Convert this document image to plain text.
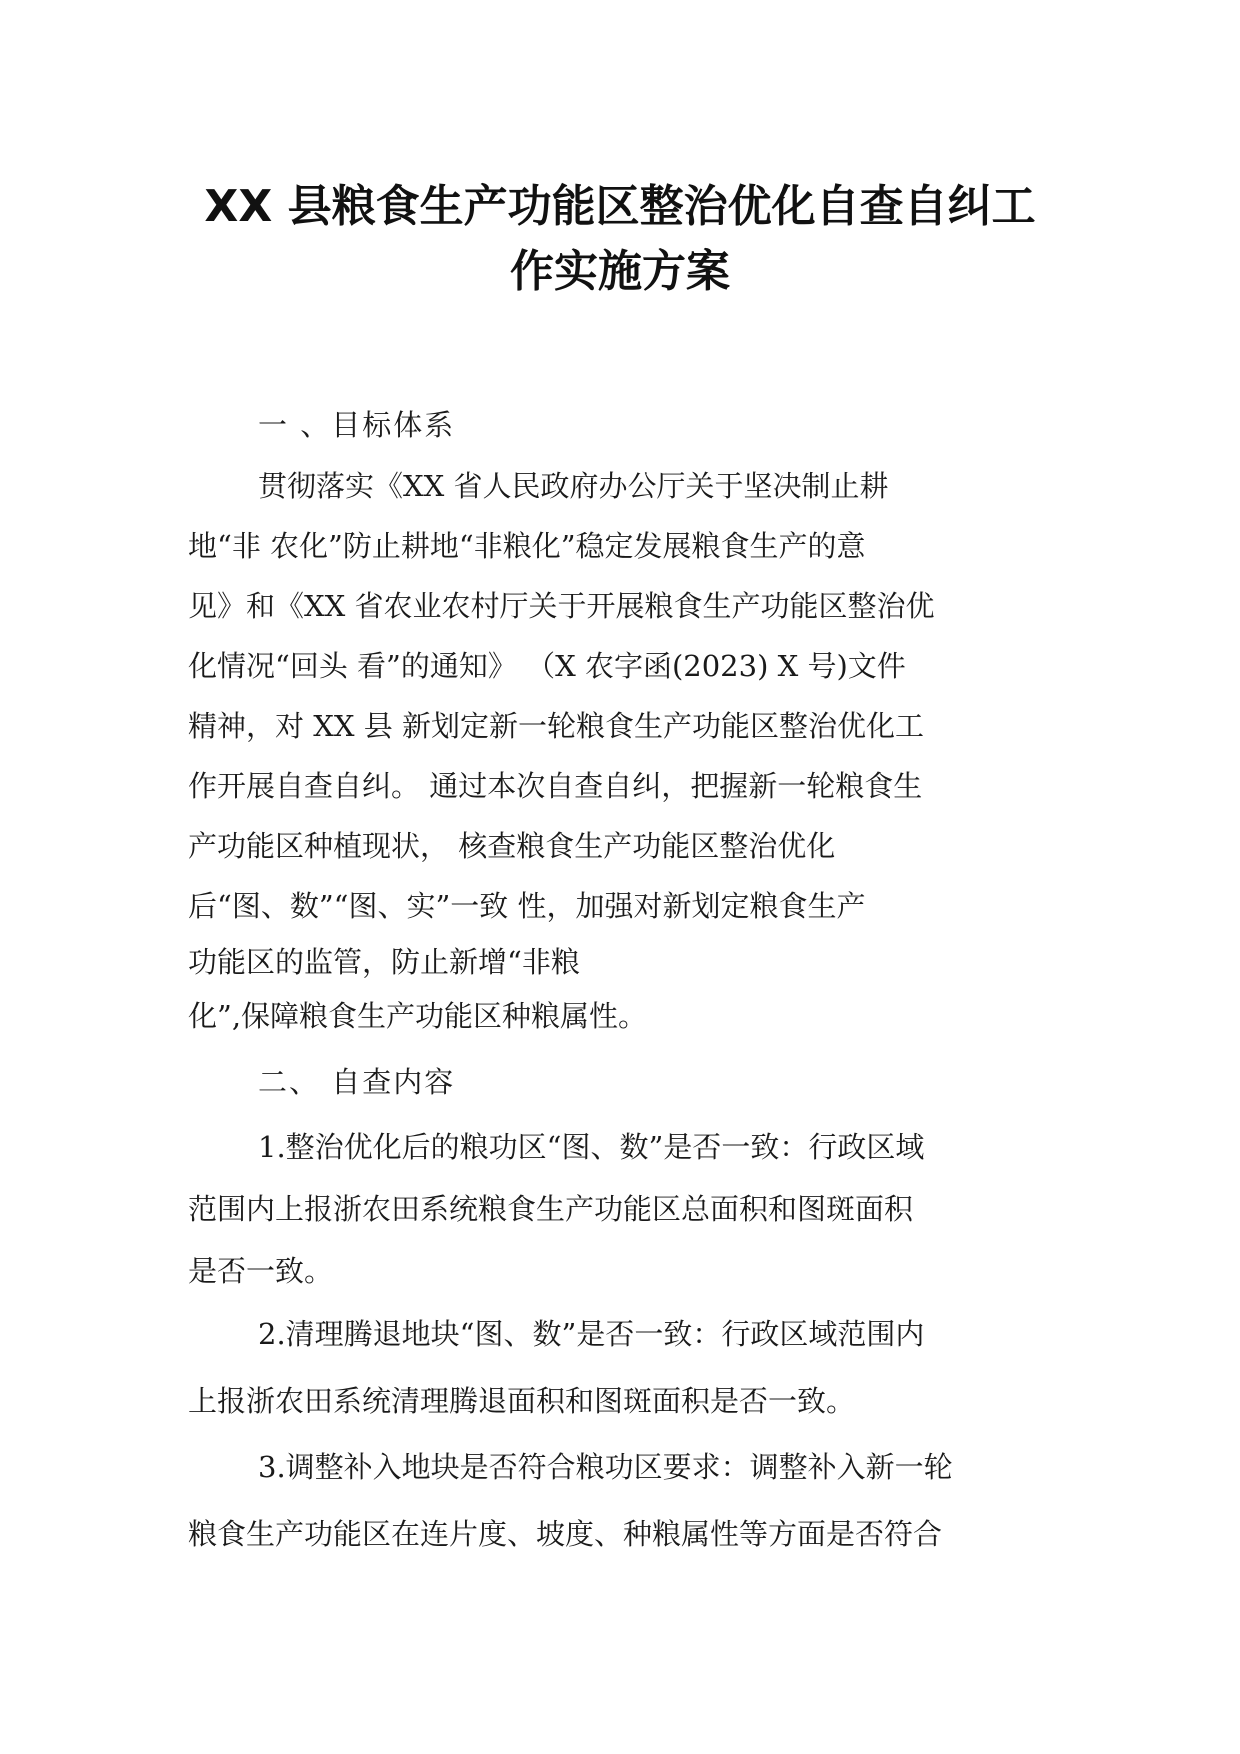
XX 县粮食生产功能区整治优化自查自纠工
作实施方案
一 、目标体系
贯彻落实《XX 省人民政府办公厅关于坚决制止耕
地“非 农化”防止耕地“非粮化”稳定发展粮食生产的意
见》和《XX 省农业农村厅关于开展粮食生产功能区整治优
化情况“回头 看”的通知》 （X 农字函(2023) X 号)文件
精神，对 XX 县 新划定新一轮粮食生产功能区整治优化工
作开展自查自纠。 通过本次自查自纠，把握新一轮粮食生
产功能区种植现状， 核查粮食生产功能区整治优化
后“图、数”“图、实”一致 性，加强对新划定粮食生产
功能区的监管，防止新增“非粮
化”,保障粮食生产功能区种粮属性。
二、 自查内容
1.整治优化后的粮功区“图、数”是否一致：行政区域
范围内上报浙农田系统粮食生产功能区总面积和图斑面积
是否一致。
2.清理腾退地块“图、数”是否一致：行政区域范围内
上报浙农田系统清理腾退面积和图斑面积是否一致。
3.调整补入地块是否符合粮功区要求：调整补入新一轮
粮食生产功能区在连片度、坡度、种粮属性等方面是否符合
